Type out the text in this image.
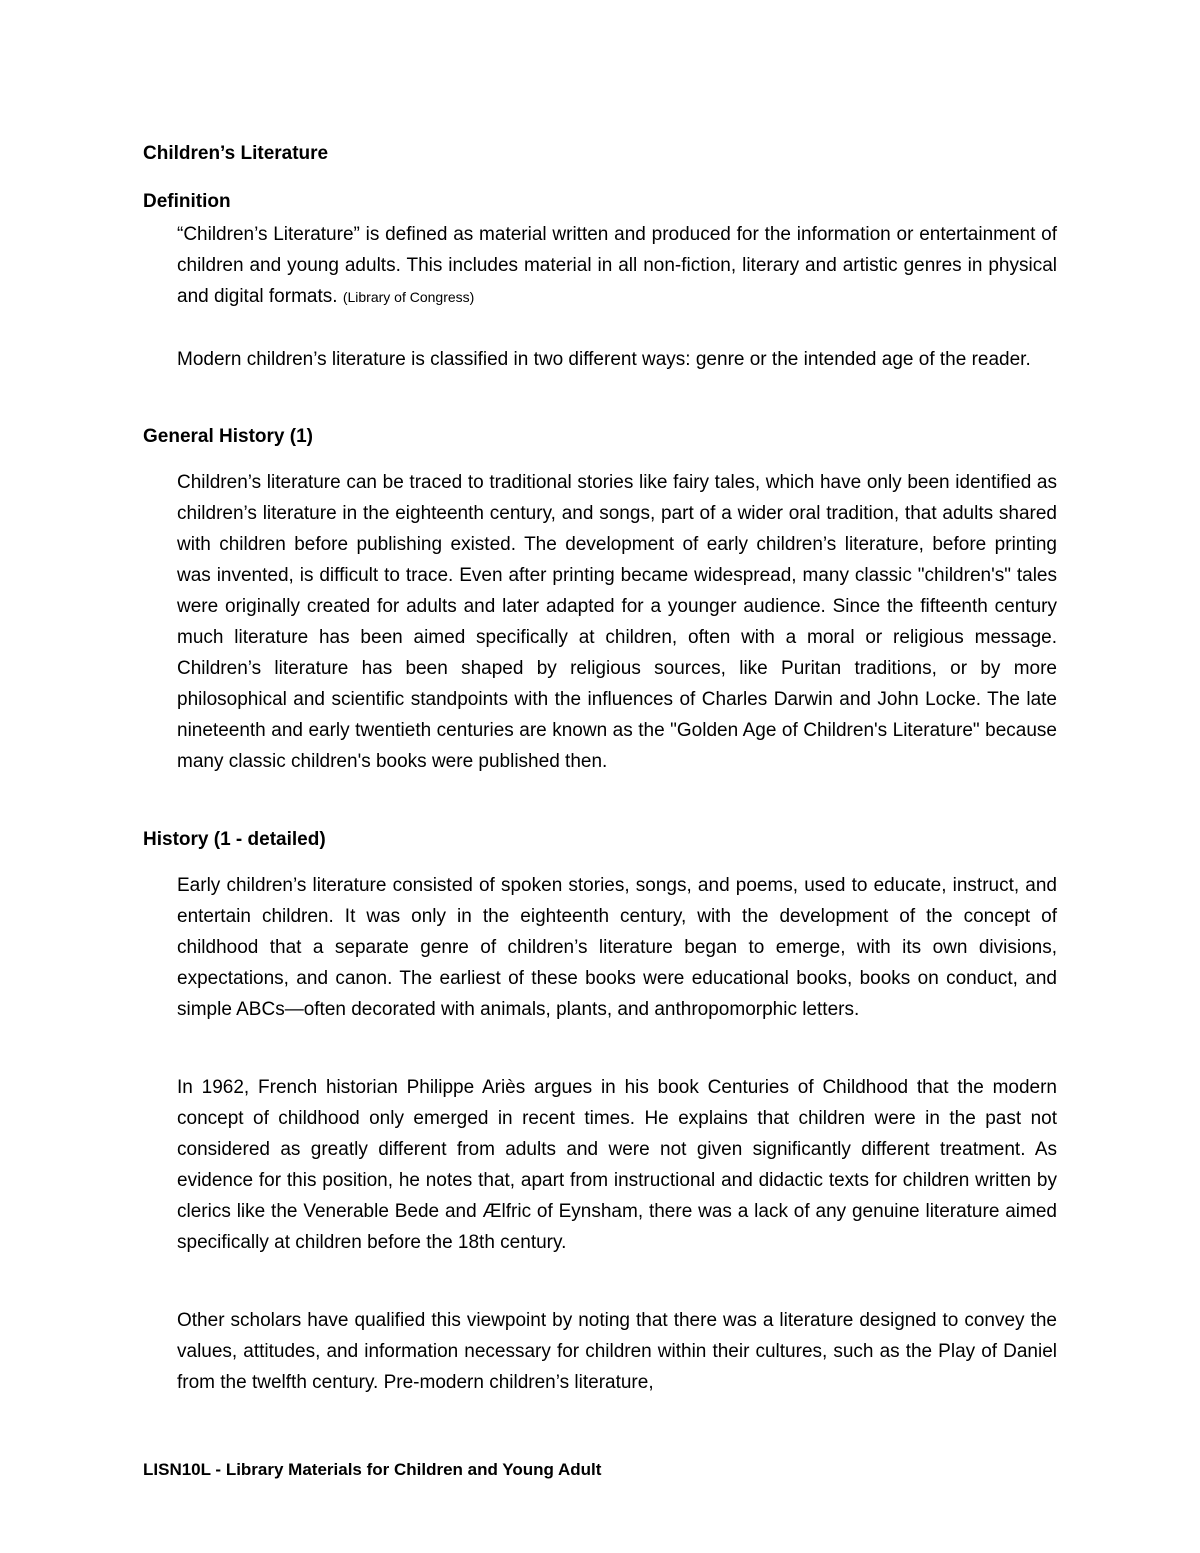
Children’s Literature
Definition
“Children’s Literature” is defined as material written and produced for the information or entertainment of children and young adults. This includes material in all non-fiction, literary and artistic genres in physical and digital formats. (Library of Congress)
Modern children’s literature is classified in two different ways: genre or the intended age of the reader.
General History (1)
Children’s literature can be traced to traditional stories like fairy tales, which have only been identified as children’s literature in the eighteenth century, and songs, part of a wider oral tradition, that adults shared with children before publishing existed. The development of early children’s literature, before printing was invented, is difficult to trace. Even after printing became widespread, many classic "children's" tales were originally created for adults and later adapted for a younger audience. Since the fifteenth century much literature has been aimed specifically at children, often with a moral or religious message. Children’s literature has been shaped by religious sources, like Puritan traditions, or by more philosophical and scientific standpoints with the influences of Charles Darwin and John Locke. The late nineteenth and early twentieth centuries are known as the "Golden Age of Children's Literature" because many classic children's books were published then.
History (1 - detailed)
Early children’s literature consisted of spoken stories, songs, and poems, used to educate, instruct, and entertain children. It was only in the eighteenth century, with the development of the concept of childhood that a separate genre of children’s literature began to emerge, with its own divisions, expectations, and canon. The earliest of these books were educational books, books on conduct, and simple ABCs—often decorated with animals, plants, and anthropomorphic letters.
In 1962, French historian Philippe Ariès argues in his book Centuries of Childhood that the modern concept of childhood only emerged in recent times. He explains that children were in the past not considered as greatly different from adults and were not given significantly different treatment. As evidence for this position, he notes that, apart from instructional and didactic texts for children written by clerics like the Venerable Bede and Ælfric of Eynsham, there was a lack of any genuine literature aimed specifically at children before the 18th century.
Other scholars have qualified this viewpoint by noting that there was a literature designed to convey the values, attitudes, and information necessary for children within their cultures, such as the Play of Daniel from the twelfth century. Pre-modern children’s literature,
LISN10L - Library Materials for Children and Young Adult
